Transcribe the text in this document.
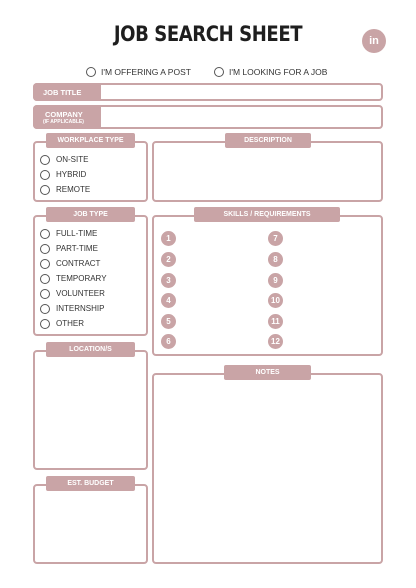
JOB SEARCH SHEET	in
I'M OFFERING A POST	I'M LOOKING FOR A JOB
JOB TITLE
COMPANY
(IF APPLICABLE)
WORKPLACE TYPE
ON-SITE
HYBRID
REMOTE
DESCRIPTION
JOB TYPE
FULL-TIME
PART-TIME
CONTRACT
TEMPORARY
VOLUNTEER
INTERNSHIP
OTHER
SKILLS / REQUIREMENTS
1
2
3
4
5
6
7
8
9
10
11
12
LOCATION/S
NOTES
EST. BUDGET
